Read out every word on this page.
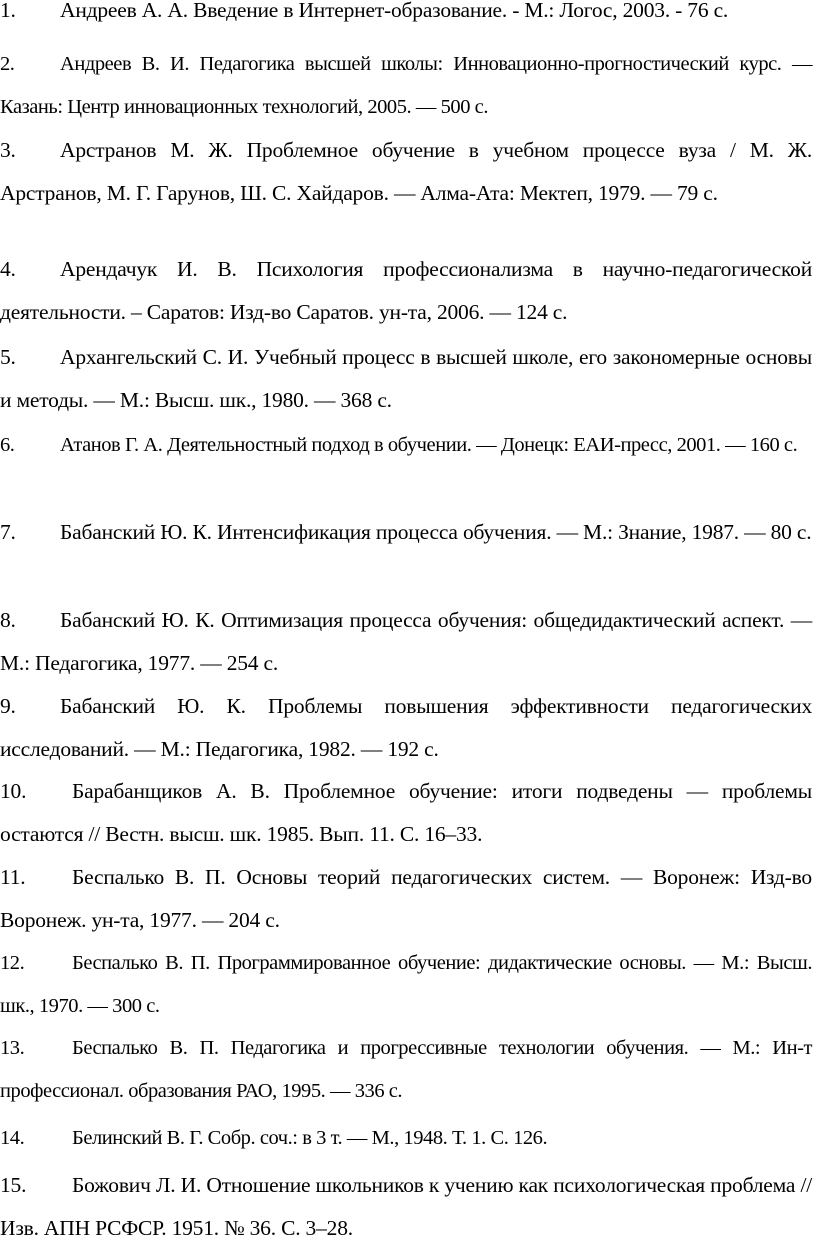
1. Андреев А. А. Введение в Интернет-образование. - М.: Логос, 2003. - 76 с.
2. Андреев В. И. Педагогика высшей школы: Инновационно-прогностический курс. — Казань: Центр инновационных технологий, 2005. — 500 с.
3. Арстранов М. Ж. Проблемное обучение в учебном процессе вуза / М. Ж. Арстранов, М. Г. Гарунов, Ш. С. Хайдаров. — Алма-Ата: Мектеп, 1979. — 79 с.
4. Арендачук И. В. Психология профессионализма в научно-педагогической деятельности. – Саратов: Изд-во Саратов. ун-та, 2006. — 124 с.
5. Архангельский С. И. Учебный процесс в высшей школе, его закономерные основы и методы. — М.: Высш. шк., 1980. — 368 с.
6. Атанов Г. А. Деятельностный подход в обучении. — Донецк: ЕАИ-пресс, 2001. — 160 с.
7. Бабанский Ю. К. Интенсификация процесса обучения. — М.: Знание, 1987. — 80 с.
8. Бабанский Ю. К. Оптимизация процесса обучения: общедидактический аспект. — М.: Педагогика, 1977. — 254 с.
9. Бабанский Ю. К. Проблемы повышения эффективности педагогических исследований. — М.: Педагогика, 1982. — 192 с.
10. Барабанщиков А. В. Проблемное обучение: итоги подведены — проблемы остаются // Вестн. высш. шк. 1985. Вып. 11. С. 16–33.
11. Беспалько В. П. Основы теорий педагогических систем. — Воронеж: Изд-во Воронеж. ун-та, 1977. — 204 с.
12. Беспалько В. П. Программированное обучение: дидактические основы. — М.: Высш. шк., 1970. — 300 с.
13. Беспалько В. П. Педагогика и прогрессивные технологии обучения. — М.: Ин-т профессионал. образования РАО, 1995. — 336 с.
14. Белинский В. Г. Собр. соч.: в 3 т. — М., 1948. Т. 1. С. 126.
15. Божович Л. И. Отношение школьников к учению как психологическая проблема // Изв. АПН РСФСР. 1951. № 36. С. 3–28.
